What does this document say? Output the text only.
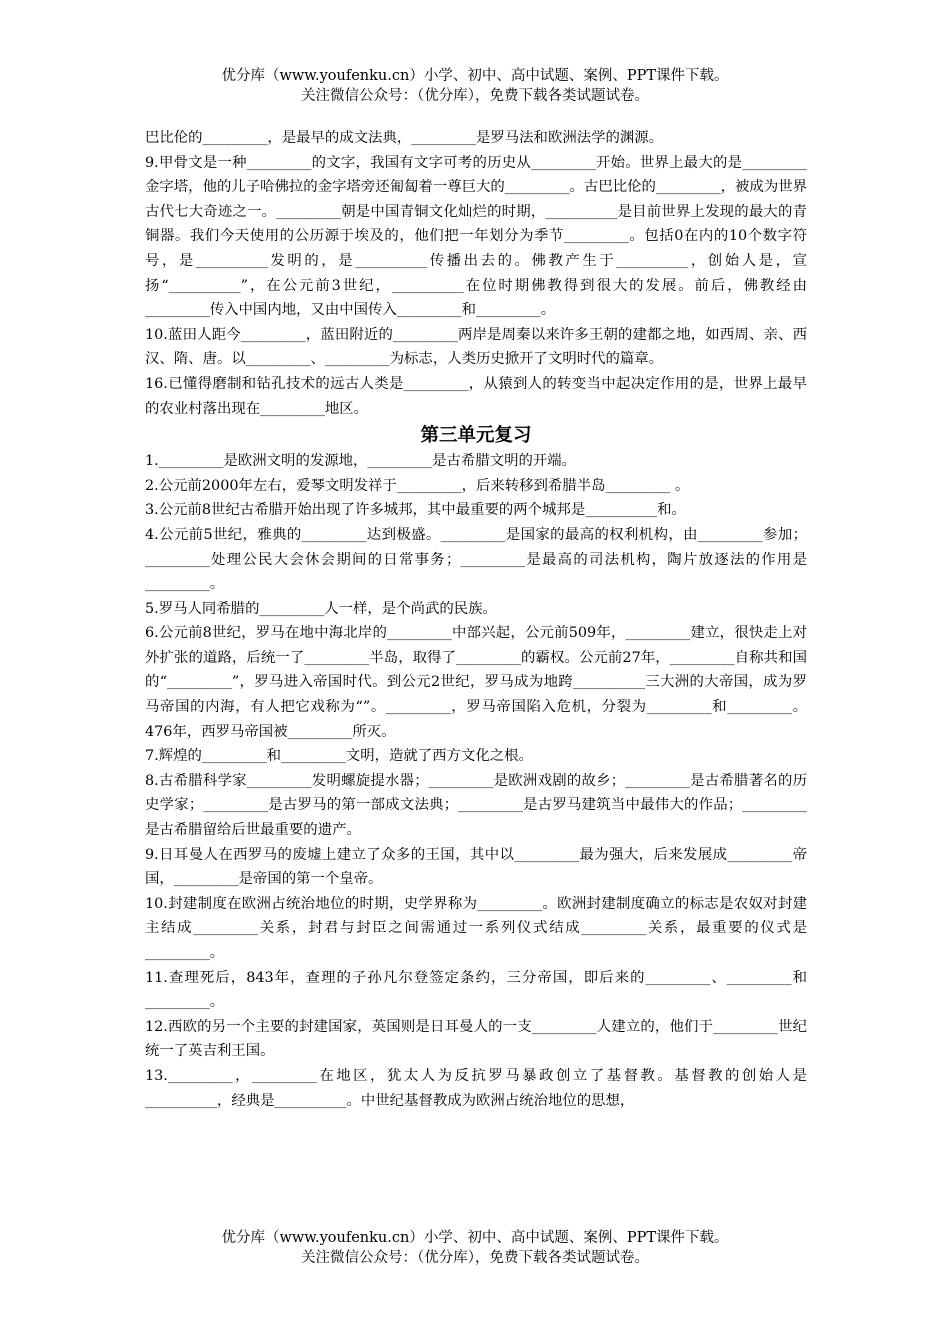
优分库（www.youfenku.cn）小学、初中、高中试题、案例、PPT课件下载。
关注微信公众号：（优分库），免费下载各类试题试卷。

巴比伦的_________，是最早的成文法典，_________是罗马法和欧洲法学的渊源。

9.甲骨文是一种_________的文字，我国有文字可考的历史从_________开始。世界上最大的是_________金字塔，他的儿子哈佛拉的金字塔旁还匍匐着一尊巨大的_________。古巴比伦的_________，被成为世界古代七大奇迹之一。_________朝是中国青铜文化灿烂的时期，__________是目前世界上发现的最大的青铜器。我们今天使用的公历源于埃及的，他们把一年划分为季节_________。包括0在内的10个数字符号，是__________发明的，是__________传播出去的。佛教产生于__________，创始人是，宣扬“__________”，在公元前3世纪，__________在位时期佛教得到很大的发展。前后，佛教经由_________传入中国内地，又由中国传入_________和_________。

10.蓝田人距今_________，蓝田附近的_________两岸是周秦以来许多王朝的建都之地，如西周、亲、西汉、隋、唐。以_________、_________为标志，人类历史掀开了文明时代的篇章。

16.已懂得磨制和钻孔技术的远古人类是_________，从猿到人的转变当中起决定作用的是，世界上最早的农业村落出现在_________地区。

第三单元复习

1._________是欧洲文明的发源地，_________是古希腊文明的开端。

2.公元前2000年左右，爱琴文明发祥于_________，后来转移到希腊半岛_________ 。

3.公元前8世纪古希腊开始出现了许多城邦，其中最重要的两个城邦是__________和。

4.公元前5世纪，雅典的_________达到极盛。_________是国家的最高的权利机构，由_________参加；_________处理公民大会休会期间的日常事务；_________是最高的司法机构，陶片放逐法的作用是_________。

5.罗马人同希腊的_________人一样，是个尚武的民族。

6.公元前8世纪，罗马在地中海北岸的_________中部兴起，公元前509年，_________建立，很快走上对外扩张的道路，后统一了_________半岛，取得了_________的霸权。公元前27年，_________自称共和国的“_________”，罗马进入帝国时代。到公元2世纪，罗马成为地跨__________三大洲的大帝国，成为罗马帝国的内海，有人把它戏称为“”。_________，罗马帝国陷入危机，分裂为_________和_________。476年，西罗马帝国被_________所灭。

7.辉煌的_________和_________文明，造就了西方文化之根。

8.古希腊科学家_________发明螺旋提水器；_________是欧洲戏剧的故乡；_________是古希腊著名的历史学家；_________是古罗马的第一部成文法典；_________是古罗马建筑当中最伟大的作品；_________是古希腊留给后世最重要的遗产。

9.日耳曼人在西罗马的废墟上建立了众多的王国，其中以_________最为强大，后来发展成_________帝国，_________是帝国的第一个皇帝。

10.封建制度在欧洲占统治地位的时期，史学界称为_________。欧洲封建制度确立的标志是农奴对封建主结成_________关系，封君与封臣之间需通过一系列仪式结成_________关系，最重要的仪式是_________。

11.查理死后，843年，查理的子孙凡尔登签定条约，三分帝国，即后来的_________、_________和_________。

12.西欧的另一个主要的封建国家，英国则是日耳曼人的一支_________人建立的，他们于_________世纪统一了英吉利王国。

13._________，_________在地区，犹太人为反抗罗马暴政创立了基督教。基督教的创始人是__________，经典是__________。中世纪基督教成为欧洲占统治地位的思想，

优分库（www.youfenku.cn）小学、初中、高中试题、案例、PPT课件下载。
关注微信公众号：（优分库），免费下载各类试题试卷。
